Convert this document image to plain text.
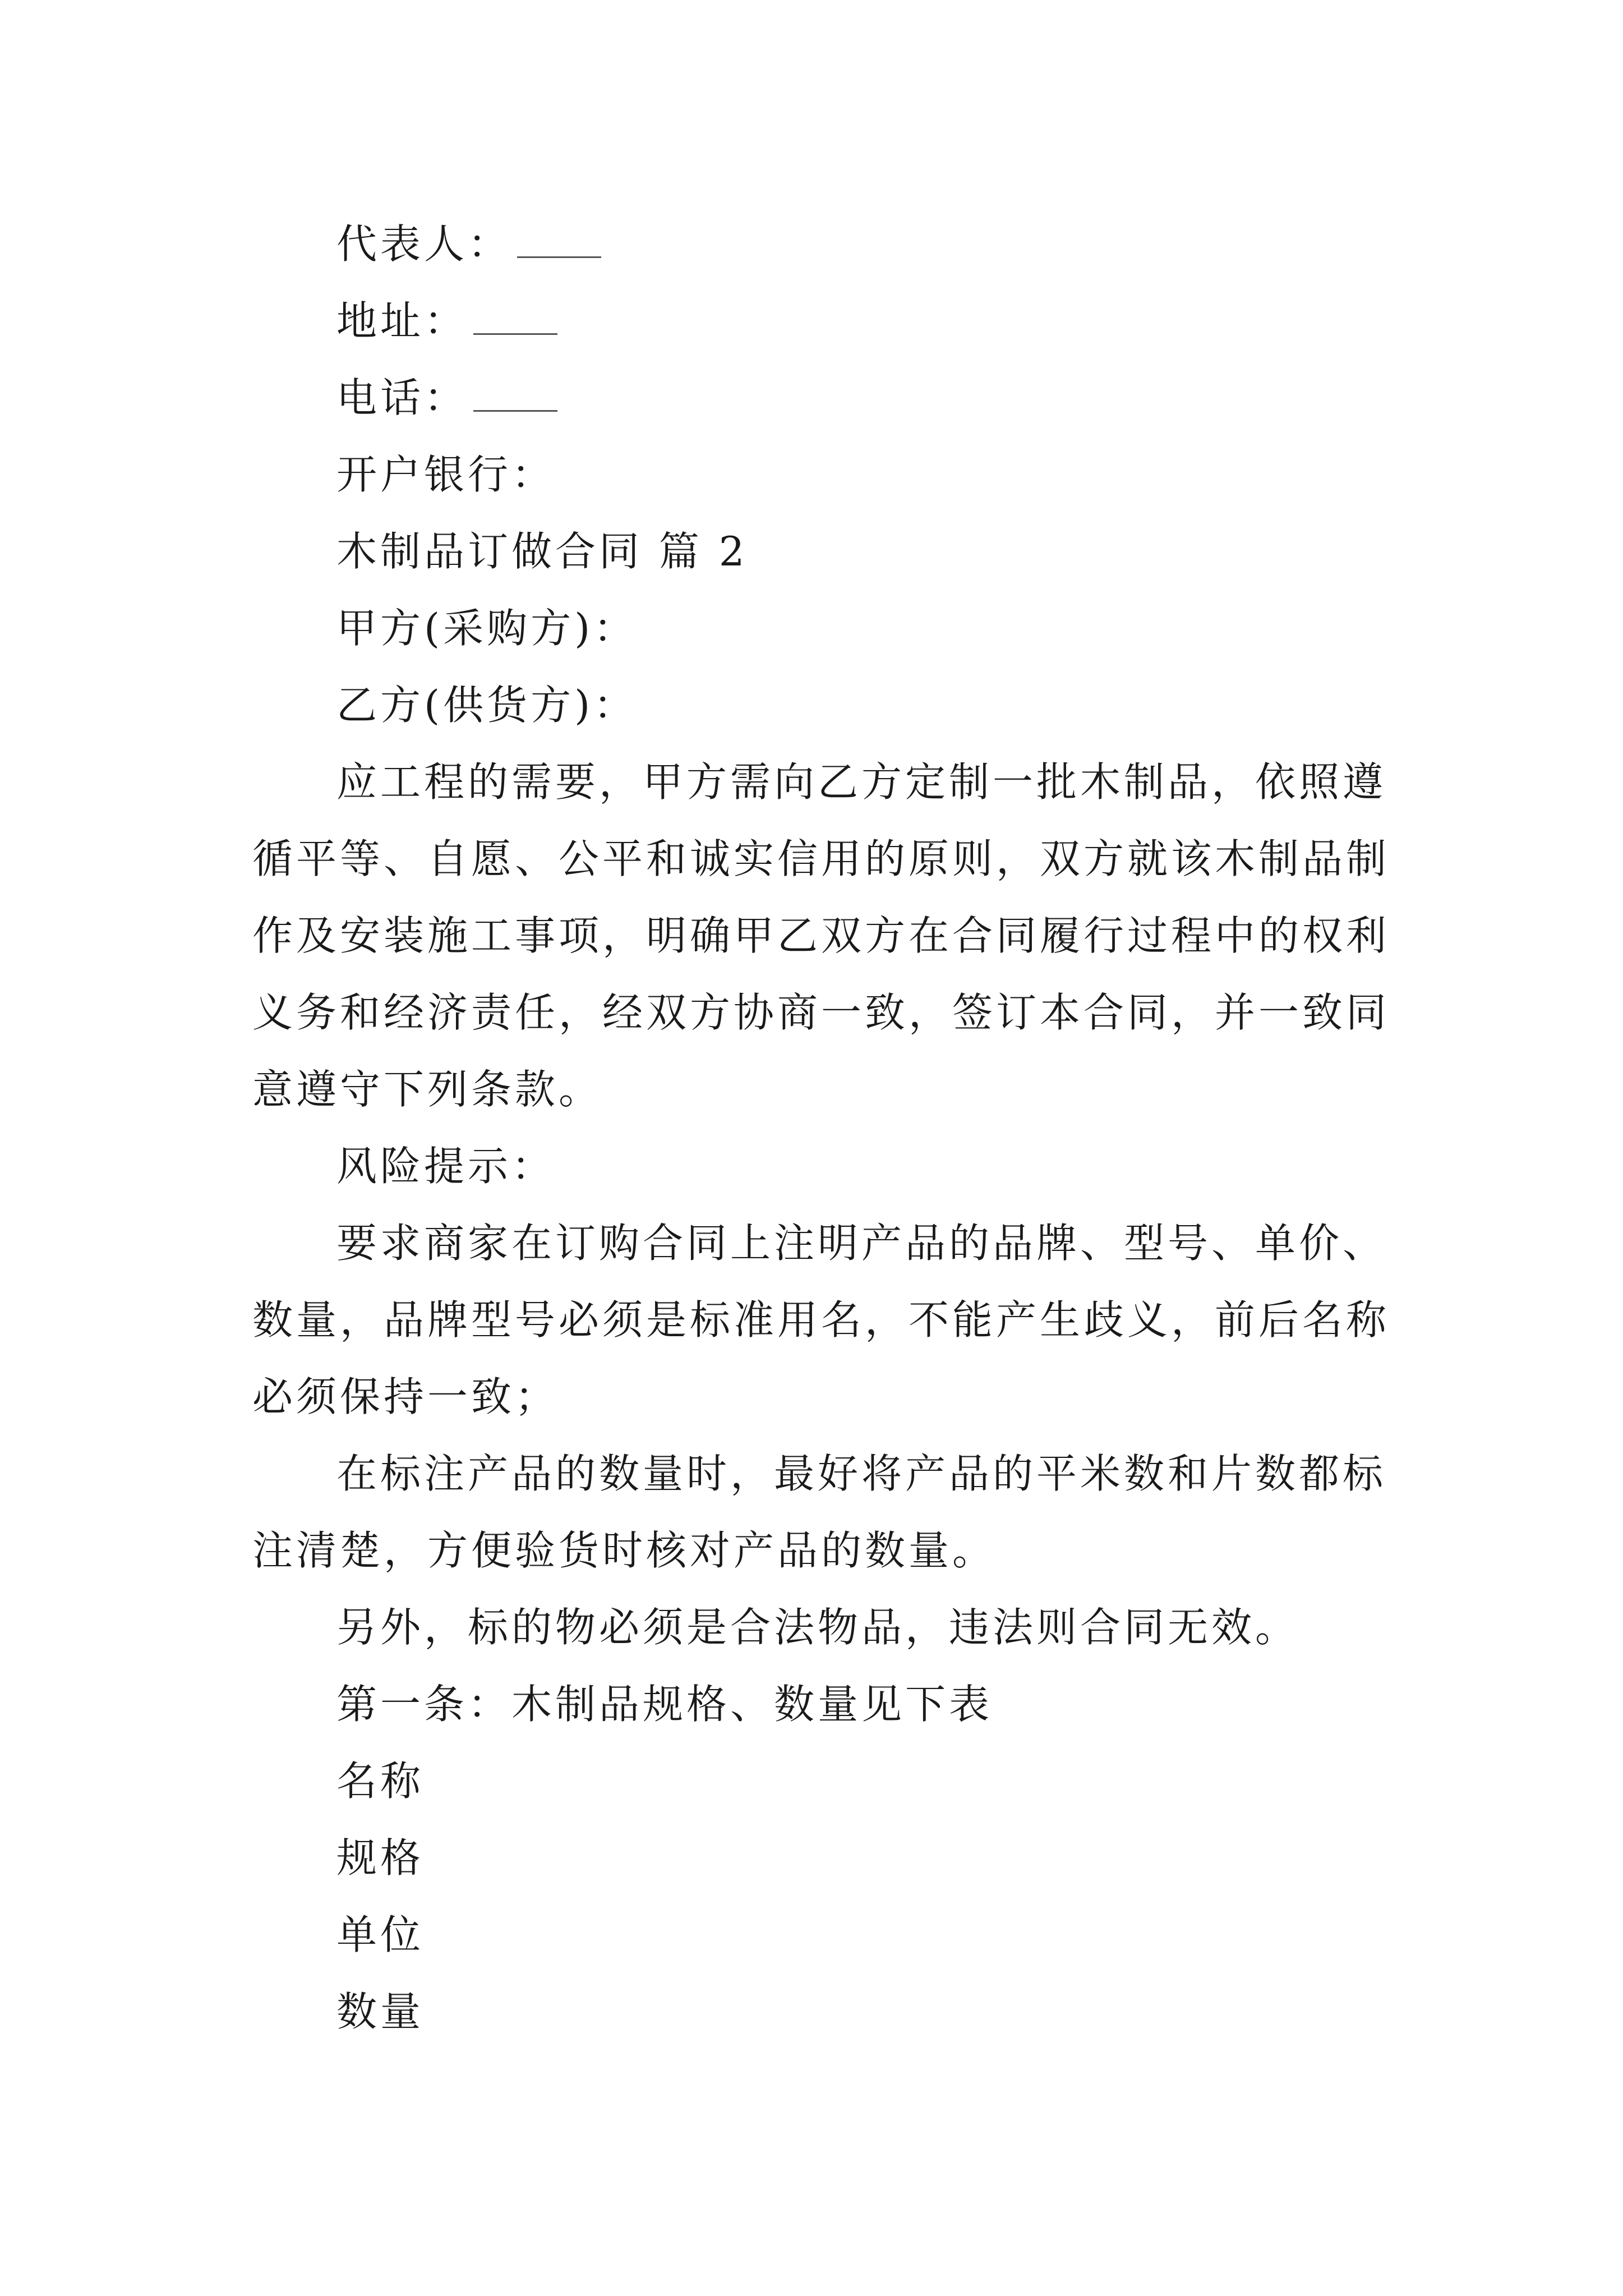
代表人：
地址：
电话：
开户银行：
木制品订做合同 篇 2
甲方(采购方)：
乙方(供货方)：
应工程的需要，甲方需向乙方定制一批木制品，依照遵
循平等、自愿、公平和诚实信用的原则，双方就该木制品制
作及安装施工事项，明确甲乙双方在合同履行过程中的权利
义务和经济责任，经双方协商一致，签订本合同，并一致同
意遵守下列条款。
风险提示：
要求商家在订购合同上注明产品的品牌、型号、单价、
数量，品牌型号必须是标准用名，不能产生歧义，前后名称
必须保持一致；
在标注产品的数量时，最好将产品的平米数和片数都标
注清楚，方便验货时核对产品的数量。
另外，标的物必须是合法物品，违法则合同无效。
第一条：木制品规格、数量见下表
名称
规格
单位
数量
